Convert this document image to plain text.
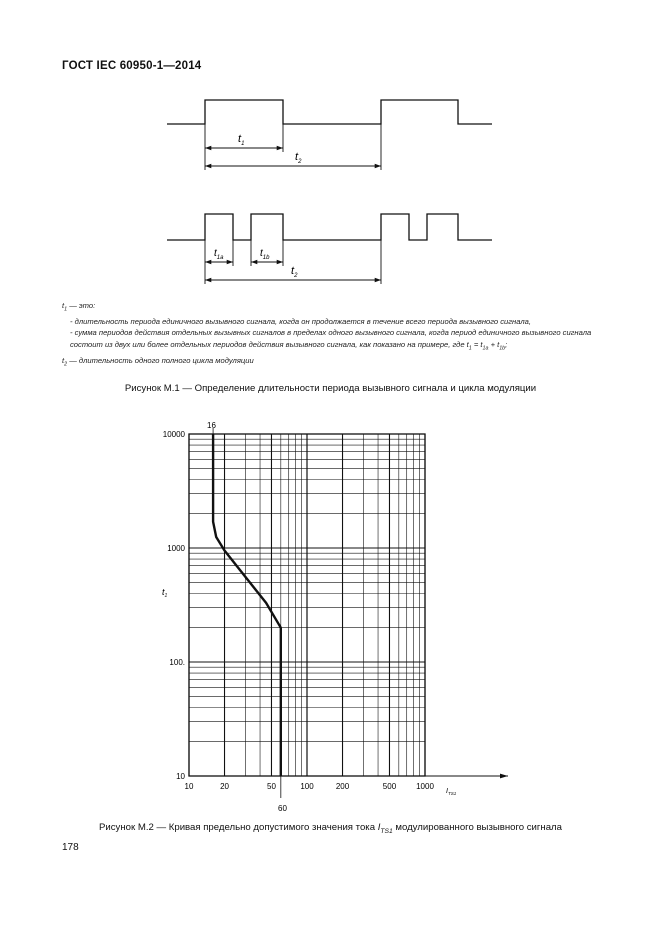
ГОСТ IEC 60950-1—2014
$t_1$
$t_2$
$t_{1a}$	$t_{1b}$
$t_2$

$t_1$ — это:

- длительность периода единичного вызывного сигнала, когда он продолжается в течение всего периода вызывного сигнала,

- сумма периодов действия отдельных вызывных сигналов в пределах одного вызывного сигнала, когда период единичного вызывного сигнала состоит из двух или более отдельных периодов действия вызывного сигнала, как показано на примере, где $t_1 = t_{1a} + t_{1b}$;

$t_2$ — длительность одного полного цикла модуляции

Рисунок М.1 — Определение длительности периода вызывного сигнала и цикла модуляции
10	20	50	100	200	500 1000
10
100.
1000
10000
$t_1$
$I_{TS1}$
16
60
Рисунок М.2 — Кривая предельно допустимого значения тока $I_{TS1}$ модулированного вызывного сигнала
178
